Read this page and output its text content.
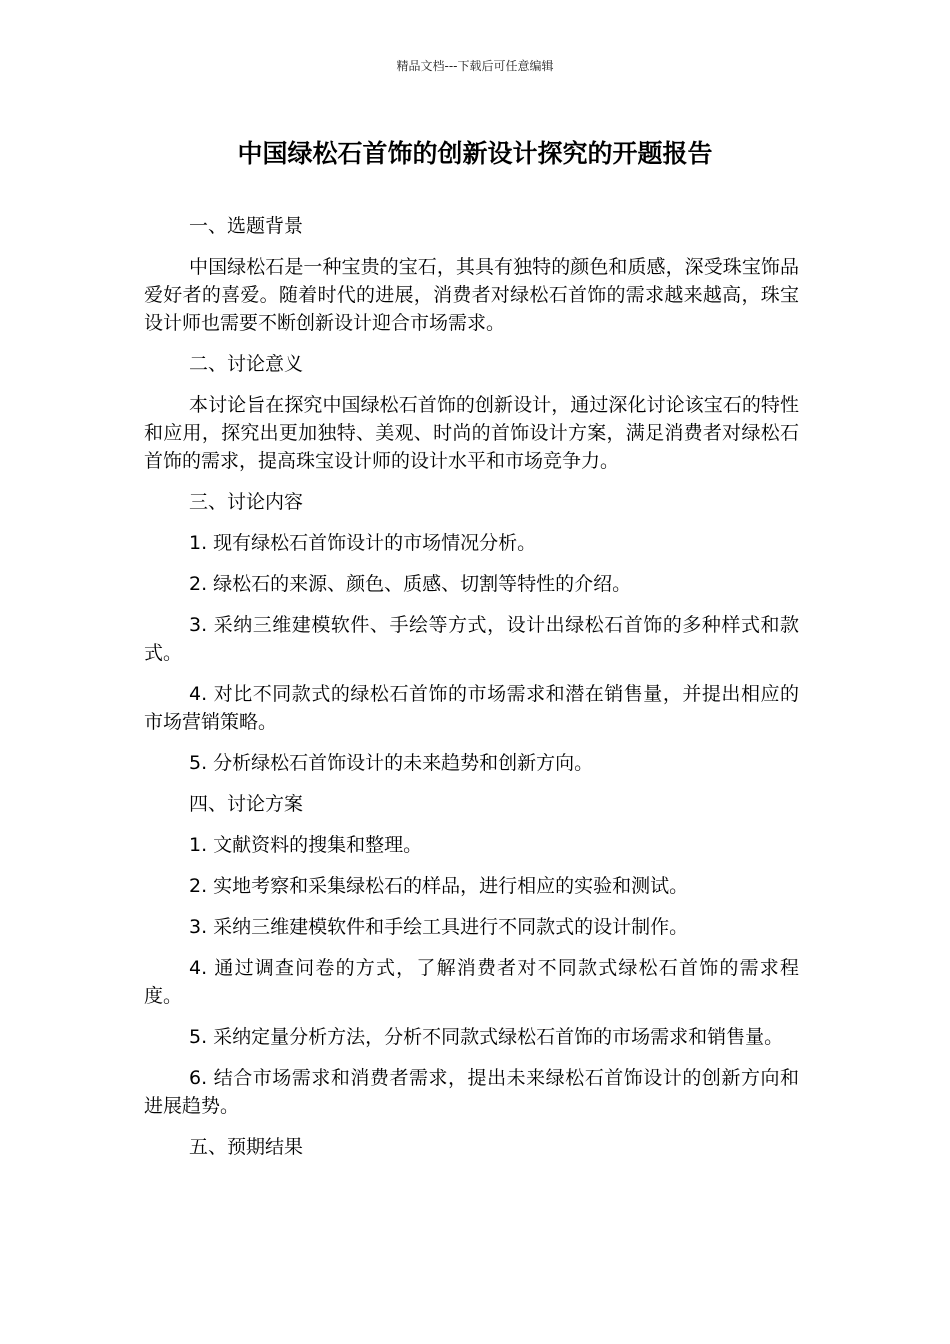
精品文档---下载后可任意编辑
中国绿松石首饰的创新设计探究的开题报告

一、选题背景

中国绿松石是一种宝贵的宝石，其具有独特的颜色和质感，深受珠宝饰品爱好者的喜爱。随着时代的进展，消费者对绿松石首饰的需求越来越高，珠宝设计师也需要不断创新设计迎合市场需求。

二、讨论意义

本讨论旨在探究中国绿松石首饰的创新设计，通过深化讨论该宝石的特性和应用，探究出更加独特、美观、时尚的首饰设计方案，满足消费者对绿松石首饰的需求，提高珠宝设计师的设计水平和市场竞争力。

三、讨论内容

1. 现有绿松石首饰设计的市场情况分析。

2. 绿松石的来源、颜色、质感、切割等特性的介绍。

3. 采纳三维建模软件、手绘等方式，设计出绿松石首饰的多种样式和款式。

4. 对比不同款式的绿松石首饰的市场需求和潜在销售量，并提出相应的市场营销策略。

5. 分析绿松石首饰设计的未来趋势和创新方向。

四、讨论方案

1. 文献资料的搜集和整理。

2. 实地考察和采集绿松石的样品，进行相应的实验和测试。

3. 采纳三维建模软件和手绘工具进行不同款式的设计制作。

4. 通过调查问卷的方式，了解消费者对不同款式绿松石首饰的需求程度。

5. 采纳定量分析方法，分析不同款式绿松石首饰的市场需求和销售量。

6. 结合市场需求和消费者需求，提出未来绿松石首饰设计的创新方向和进展趋势。

五、预期结果
